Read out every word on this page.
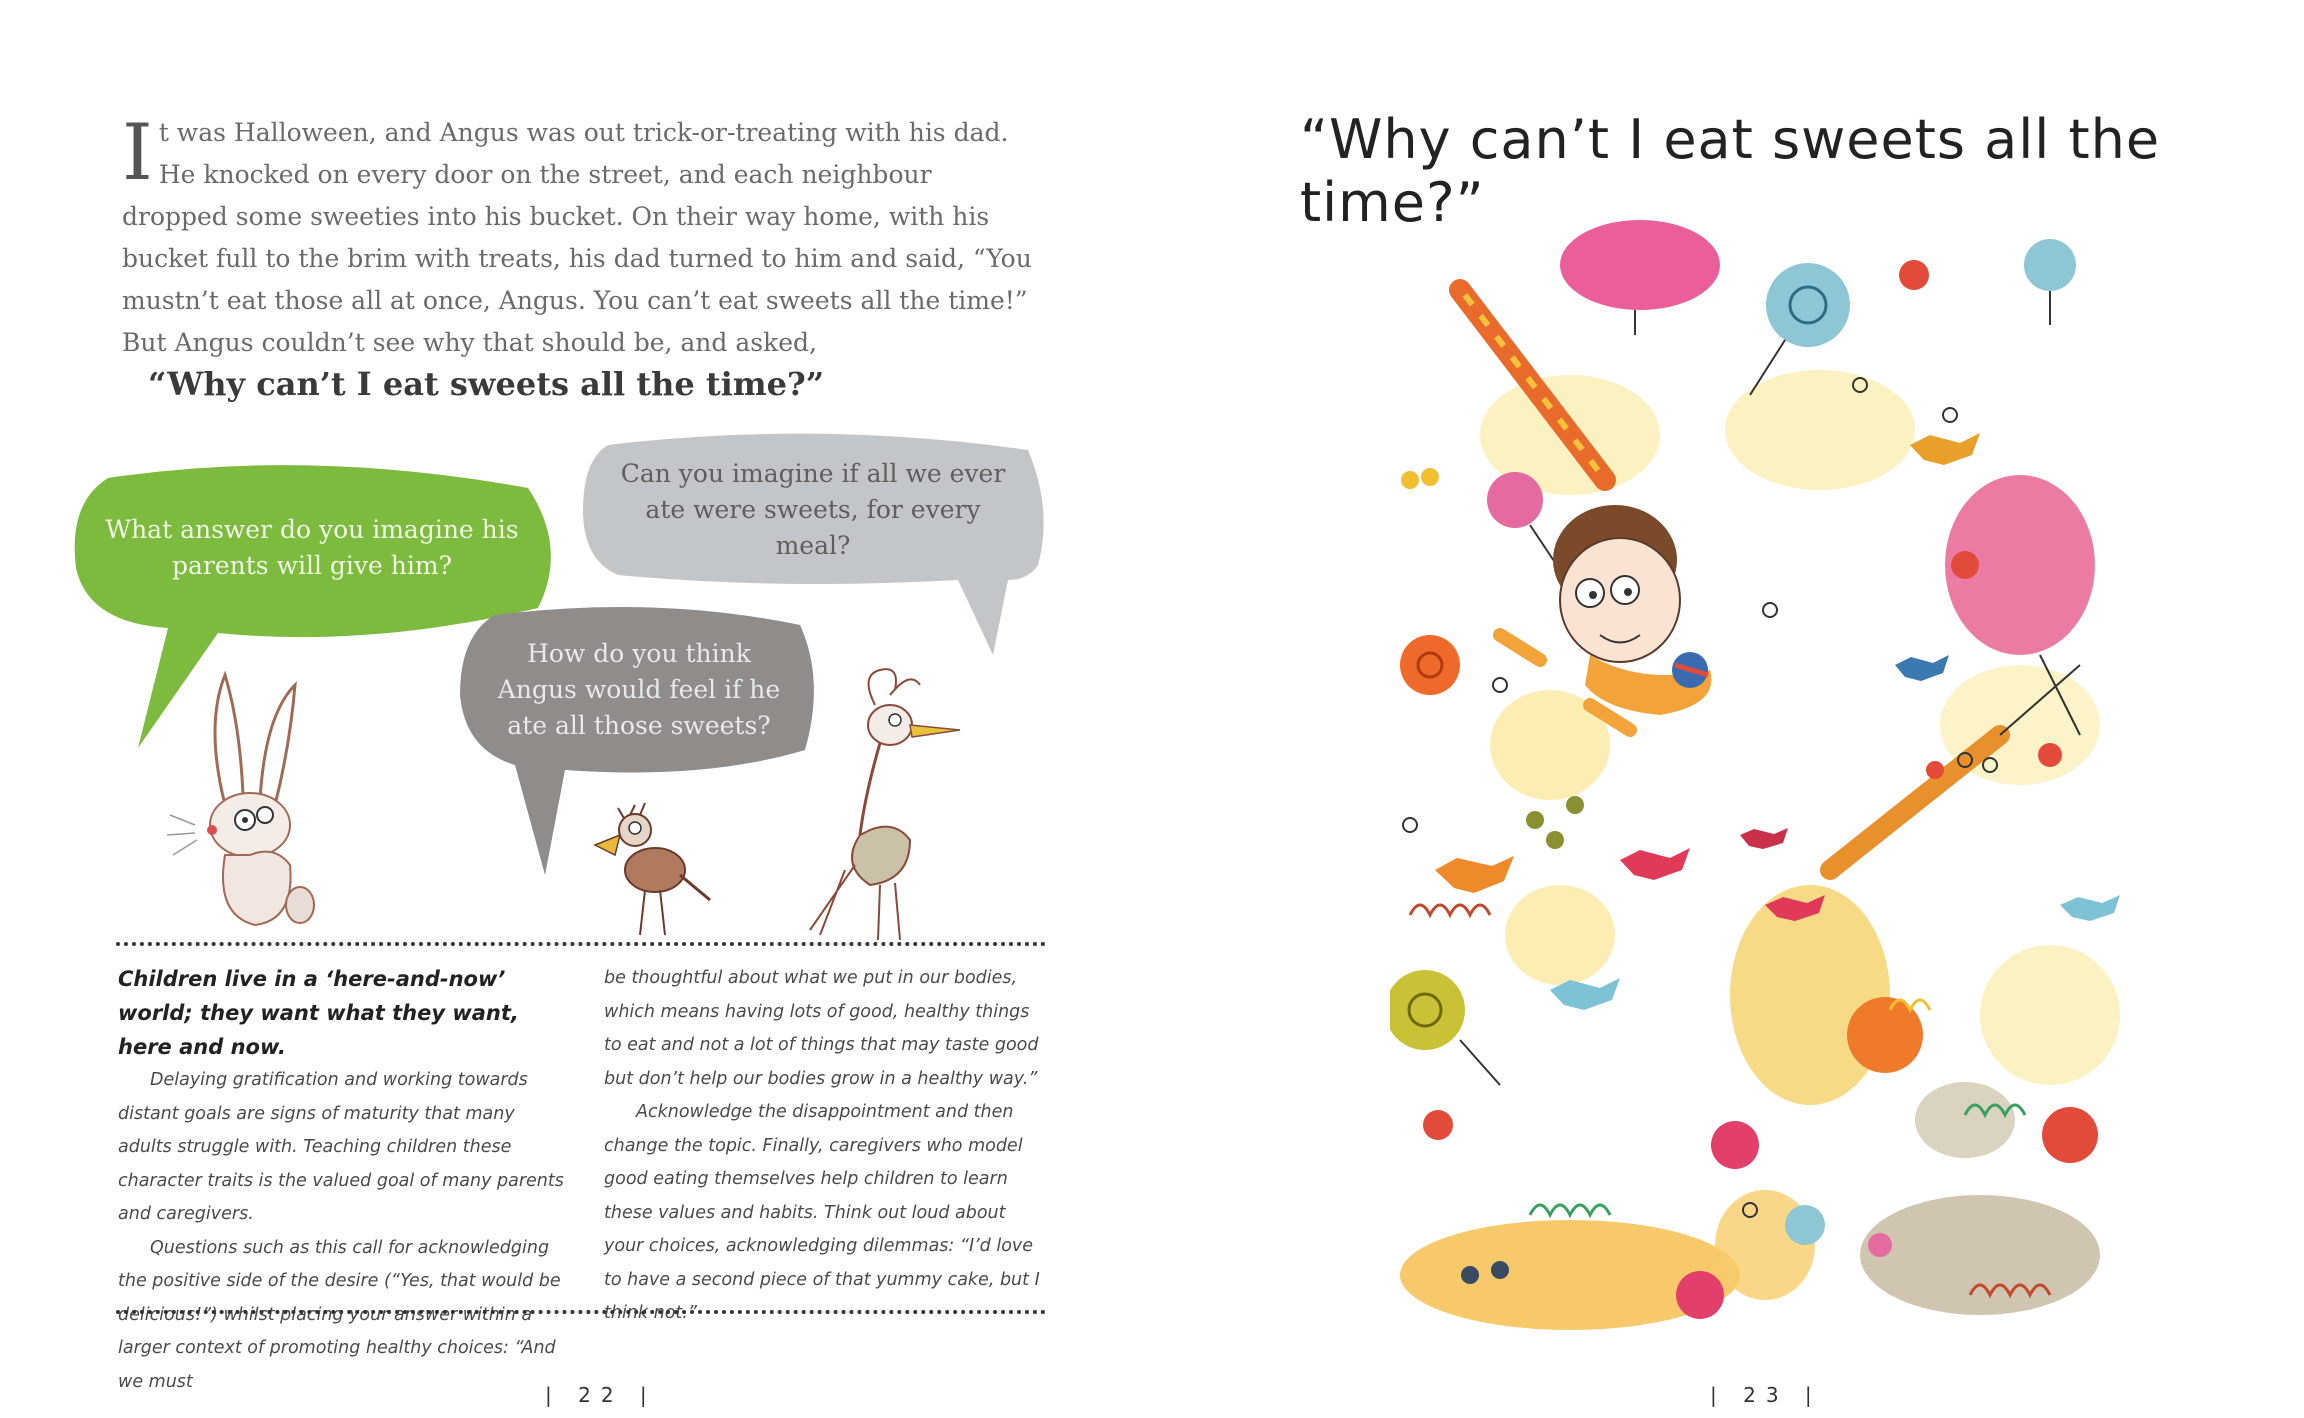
It was Halloween, and Angus was out trick-or-treating with his dad. He knocked on every door on the street, and each neighbour dropped some sweeties into his bucket. On their way home, with his bucket full to the brim with treats, his dad turned to him and said, “You mustn’t eat those all at once, Angus. You can’t eat sweets all the time!” But Angus couldn’t see why that should be, and asked,
“Why can’t I eat sweets all the time?”
What answer do you imagine his parents will give him?
Can you imagine if all we ever ate were sweets, for every meal?
How do you think Angus would feel if he ate all those sweets?

Children live in a ‘here-and-now’ world; they want what they want, here and now.

Delaying gratification and working towards distant goals are signs of maturity that many adults struggle with. Teaching children these character traits is the valued goal of many parents and caregivers.

Questions such as this call for acknowledging the positive side of the desire (“Yes, that would be delicious!”) whilst placing your answer within a larger context of promoting healthy choices: “And we must

be thoughtful about what we put in our bodies, which means having lots of good, healthy things to eat and not a lot of things that may taste good but don’t help our bodies grow in a healthy way.”

Acknowledge the disappointment and then change the topic. Finally, caregivers who model good eating themselves help children to learn these values and habits. Think out loud about your choices, acknowledging dilemmas: “I’d love to have a second piece of that yummy cake, but I think not.”

| 22 |
“Why can’t I eat sweets all the time?”
| 23 |
